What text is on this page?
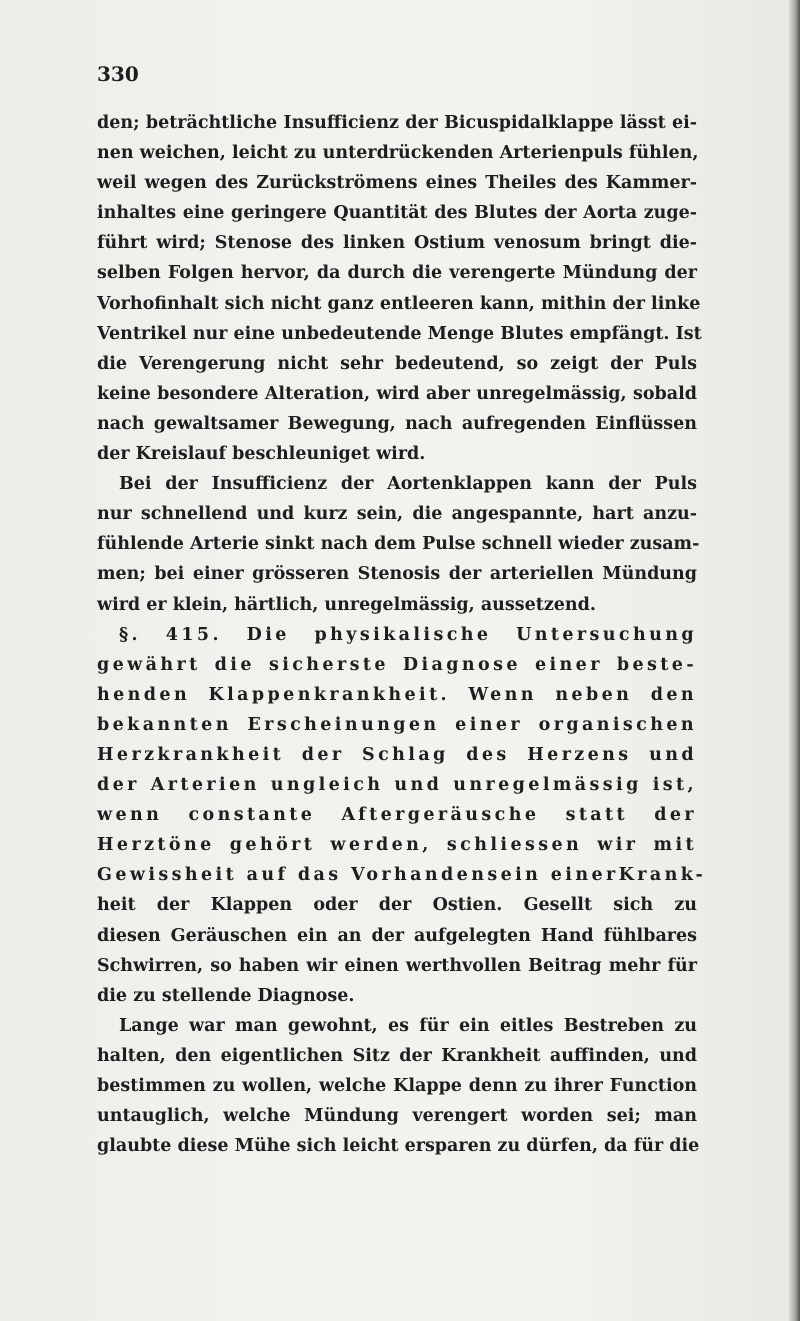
330

den; beträchtliche Insufficienz der Bicuspidalklappe lässt ei-
nen weichen, leicht zu unterdrückenden Arterienpuls fühlen,
weil wegen des Zurückströmens eines Theiles des Kammer-
inhaltes eine geringere Quantität des Blutes der Aorta zuge-
führt wird; Stenose des linken Ostium venosum bringt die-
selben Folgen hervor, da durch die verengerte Mündung der
Vorhofinhalt sich nicht ganz entleeren kann, mithin der linke
Ventrikel nur eine unbedeutende Menge Blutes empfängt. Ist
die Verengerung nicht sehr bedeutend, so zeigt der Puls
keine besondere Alteration, wird aber unregelmässig, sobald
nach gewaltsamer Bewegung, nach aufregenden Einflüssen
der Kreislauf beschleuniget wird.
Bei der Insufficienz der Aortenklappen kann der Puls
nur schnellend und kurz sein, die angespannte, hart anzu-
fühlende Arterie sinkt nach dem Pulse schnell wieder zusam-
men; bei einer grösseren Stenosis der arteriellen Mündung
wird er klein, härtlich, unregelmässig, aussetzend.
§. 415. Die physikalische Untersuchung
gewährt die sicherste Diagnose einer beste-
henden Klappenkrankheit. Wenn neben den
bekannten Erscheinungen einer organischen
Herzkrankheit der Schlag des Herzens und
der Arterien ungleich und unregelmässig ist,
wenn constante Aftergeräusche statt der
Herztöne gehört werden, schliessen wir mit
Gewissheit auf das Vorhandensein einerKrank-
heit der Klappen oder der Ostien. Gesellt sich zu
diesen Geräuschen ein an der aufgelegten Hand fühlbares
Schwirren, so haben wir einen werthvollen Beitrag mehr für
die zu stellende Diagnose.
Lange war man gewohnt, es für ein eitles Bestreben zu
halten, den eigentlichen Sitz der Krankheit auffinden, und
bestimmen zu wollen, welche Klappe denn zu ihrer Function
untauglich, welche Mündung verengert worden sei; man
glaubte diese Mühe sich leicht ersparen zu dürfen, da für die
